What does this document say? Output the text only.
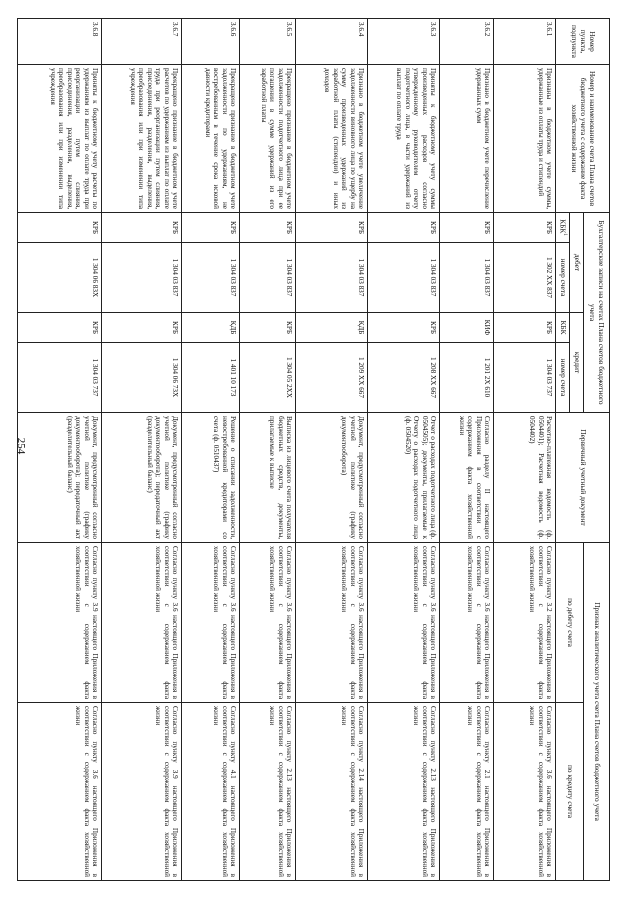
254
Номер пункта, подпункта	Номер и наименование счета Плана счетов бюджетного учета с содержание факта хозяйственной жизни	Бухгалтерские записи на счетах Плана счетов бюджетного учета				Первичный учетный документ	Признак аналитического учета счета Плана счетов бюджетного учета	
		дебет		кредит			по дебету счета	по кредиту счета
		КБК$^1$	номер счета	КБК	номер счета			
3.6.1	Признаны в бюджетном учете суммы, удержанные из оплаты труда и стипендий	КРБ	1 302 XX 837	КРБ	1 304 03 737	Расчетно-платежная ведомость (ф. 0504401); Расчетная ведомость (ф. 0504402)	Согласно пункту 3.2 настоящего Приложения в соответствии с содержанием факта хозяйственной жизни	Согласно пункту 3.6 настоящего Приложения в соответствии с содержанием факта хозяйственной жизни
3.6.2	Признано в бюджетном учете перечисление удержанных сумм	КРБ	1 304 03 837	КИФ	1 201 2X 610	Согласно разделу II настоящего Приложения в соответствии с содержанием факта хозяйственной жизни	Согласно пункту 3.6 настоящего Приложения в соответствии с содержанием факта хозяйственной жизни	Согласно пункту 2.1 настоящего Приложения в соответствии с содержанием факта хозяйственной жизни
3.6.3	Приняты к бюджетному учету суммы произведенных расходов согласно утвержденному руководителем отчету подотчетного лица, в части удержаний из выплат по оплате труда	КРБ	1 304 03 837	КРБ	1 208 XX 667	Отчет о расходах подотчетного лица (ф. 0504505); документы, прилагаемые к Отчету о расходах подотчетного лица (ф. 0504520)	Согласно пункту 3.6 настоящего Приложения в соответствии с содержанием факта хозяйственной жизни	Согласно пункту 2.13 настоящего Приложения в соответствии с содержанием факта хозяйственной жизни
3.6.4	Признано в бюджетном учете увеличение задолженности виновного лица по ущербу на сумму произведенных удержаний из заработной платы (стипендии) и иных доходов	КРБ	1 304 03 837	КДБ	1 209 XX 667	Документ, предусмотренный согласно учетной политике (графику документооборота)	Согласно пункту 3.6 настоящего Приложения в соответствии с содержанием факта хозяйственной жизни	Согласно пункту 2.14 настоящего Приложения в соответствии с содержанием факта хозяйственной жизни
3.6.5	Прекращено признание в бюджетном учете задолженности подотчетного лица при ее погашении в сумме удержаний из его заработной платы	КРБ	1 304 03 837	КРБ	1 304 05 2XX	Выписка из лицевого счета получателя бюджетных средств, документы, прилагаемые к выписке	Согласно пункту 3.6 настоящего Приложения в соответствии с содержанием факта хозяйственной жизни	Согласно пункту 2.13 настоящего Приложения в соответствии с содержанием факта хозяйственной жизни
3.6.6	Прекращено признание в бюджетном учете задолженности по удержаниям, не востребованным в течение срока исковой давности кредиторами	КРБ	1 304 03 837	КДБ	1 401 10 173	Решение о списании задолженности, невостребованной кредиторами со счета (ф. 0510437)	Согласно пункту 3.6 настоящего Приложения в соответствии с содержанием факта хозяйственной жизни	Согласно пункту 4.1 настоящего Приложения в соответствии с содержанием факта хозяйственной жизни
3.6.7	Прекращено признание в бюджетном учете расчетов по удержаниям из выплат по оплате труда при реорганизации путем слияния, присоединения, разделения, выделения, преобразования или при изменении типа учреждения	КРБ	1 304 03 837	КРБ	1 304 06 73X	Документ, предусмотренный согласно учетной политике (графику документооборота); передаточный акт (разделительный баланс)	Согласно пункту 3.6 настоящего Приложения в соответствии с содержанием факта хозяйственной жизни	Согласно пункту 3.9 настоящего Приложения в соответствии с содержанием факта хозяйственной жизни
3.6.8	Приняты к бюджетному учету расчеты по удержаниям из выплат по оплате труда при реорганизации путем слияния, присоединения, разделения, выделения, преобразования или при изменении типа учреждения	КРБ	1 304 06 83X	КРБ	1 304 03 737	Документ, предусмотренный согласно учетной политике (графику документооборота); передаточный акт (разделительный баланс)	Согласно пункту 3.9 настоящего Приложения в соответствии с содержанием факта хозяйственной жизни	Согласно пункту 3.6 настоящего Приложения в соответствии с содержанием факта хозяйственной жизни
